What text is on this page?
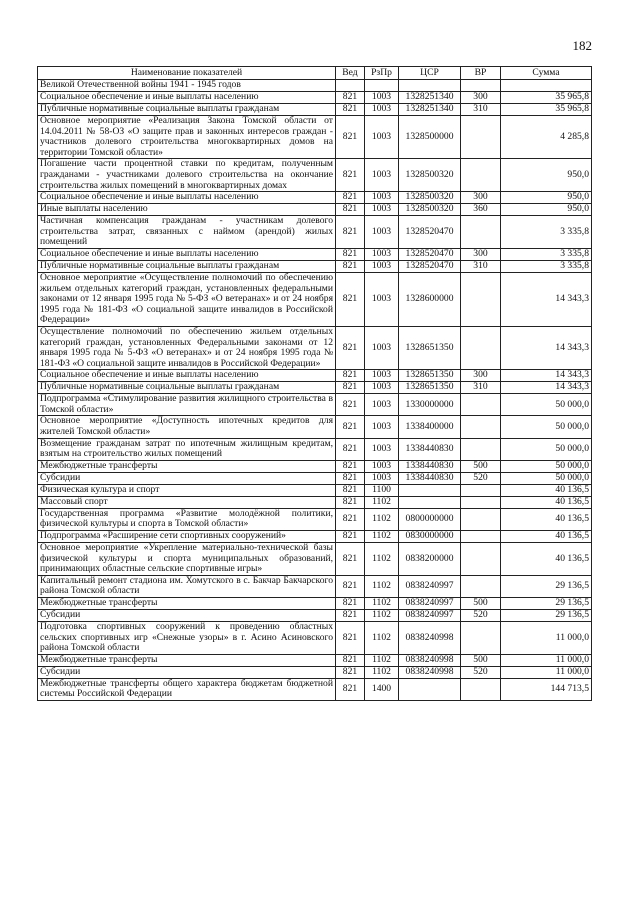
182
Наименование показателей	Вед	РзПр	ЦСР	ВР	Сумма
Великой Отечественной войны 1941 - 1945 годов					
Социальное обеспечение и иные выплаты населению	821	1003	1328251340	300	35 965,8
Публичные нормативные социальные выплаты гражданам	821	1003	1328251340	310	35 965,8
Основное мероприятие «Реализация Закона Томской области от 14.04.2011 № 58-ОЗ «О защите прав и законных интересов граждан - участников долевого строительства многоквартирных домов на территории Томской области»	821	1003	1328500000		4 285,8
Погашение части процентной ставки по кредитам, полученным гражданами - участниками долевого строительства на окончание строительства жилых помещений в многоквартирных домах	821	1003	1328500320		950,0
Социальное обеспечение и иные выплаты населению	821	1003	1328500320	300	950,0
Иные выплаты населению	821	1003	1328500320	360	950,0
Частичная компенсация гражданам - участникам долевого строительства затрат, связанных с наймом (арендой) жилых помещений	821	1003	1328520470		3 335,8
Социальное обеспечение и иные выплаты населению	821	1003	1328520470	300	3 335,8
Публичные нормативные социальные выплаты гражданам	821	1003	1328520470	310	3 335,8
Основное мероприятие «Осуществление полномочий по обеспечению жильем отдельных категорий граждан, установленных федеральными законами от 12 января 1995 года № 5-ФЗ «О ветеранах» и от 24 ноября 1995 года № 181-ФЗ «О социальной защите инвалидов в Российской Федерации»	821	1003	1328600000		14 343,3
Осуществление полномочий по обеспечению жильем отдельных категорий граждан, установленных Федеральными законами от 12 января 1995 года № 5-ФЗ «О ветеранах» и от 24 ноября 1995 года № 181-ФЗ «О социальной защите инвалидов в Российской Федерации»	821	1003	1328651350		14 343,3
Социальное обеспечение и иные выплаты населению	821	1003	1328651350	300	14 343,3
Публичные нормативные социальные выплаты гражданам	821	1003	1328651350	310	14 343,3
Подпрограмма «Стимулирование развития жилищного строительства в Томской области»	821	1003	1330000000		50 000,0
Основное мероприятие «Доступность ипотечных кредитов для жителей Томской области»	821	1003	1338400000		50 000,0
Возмещение гражданам затрат по ипотечным жилищным кредитам, взятым на строительство жилых помещений	821	1003	1338440830		50 000,0
Межбюджетные трансферты	821	1003	1338440830	500	50 000,0
Субсидии	821	1003	1338440830	520	50 000,0
Физическая культура и спорт	821	1100			40 136,5
Массовый спорт	821	1102			40 136,5
Государственная программа «Развитие молодёжной политики, физической культуры и спорта в Томской области»	821	1102	0800000000		40 136,5
Подпрограмма «Расширение сети спортивных сооружений»	821	1102	0830000000		40 136,5
Основное мероприятие «Укрепление материально-технической базы физической культуры и спорта муниципальных образований, принимающих областные сельские спортивные игры»	821	1102	0838200000		40 136,5
Капитальный ремонт стадиона им. Хомутского в с. Бакчар Бакчарского района Томской области	821	1102	0838240997		29 136,5
Межбюджетные трансферты	821	1102	0838240997	500	29 136,5
Субсидии	821	1102	0838240997	520	29 136,5
Подготовка спортивных сооружений к проведению областных сельских спортивных игр «Снежные узоры» в г. Асино Асиновского района Томской области	821	1102	0838240998		11 000,0
Межбюджетные трансферты	821	1102	0838240998	500	11 000,0
Субсидии	821	1102	0838240998	520	11 000,0
Межбюджетные трансферты общего характера бюджетам бюджетной системы Российской Федерации	821	1400			144 713,5
